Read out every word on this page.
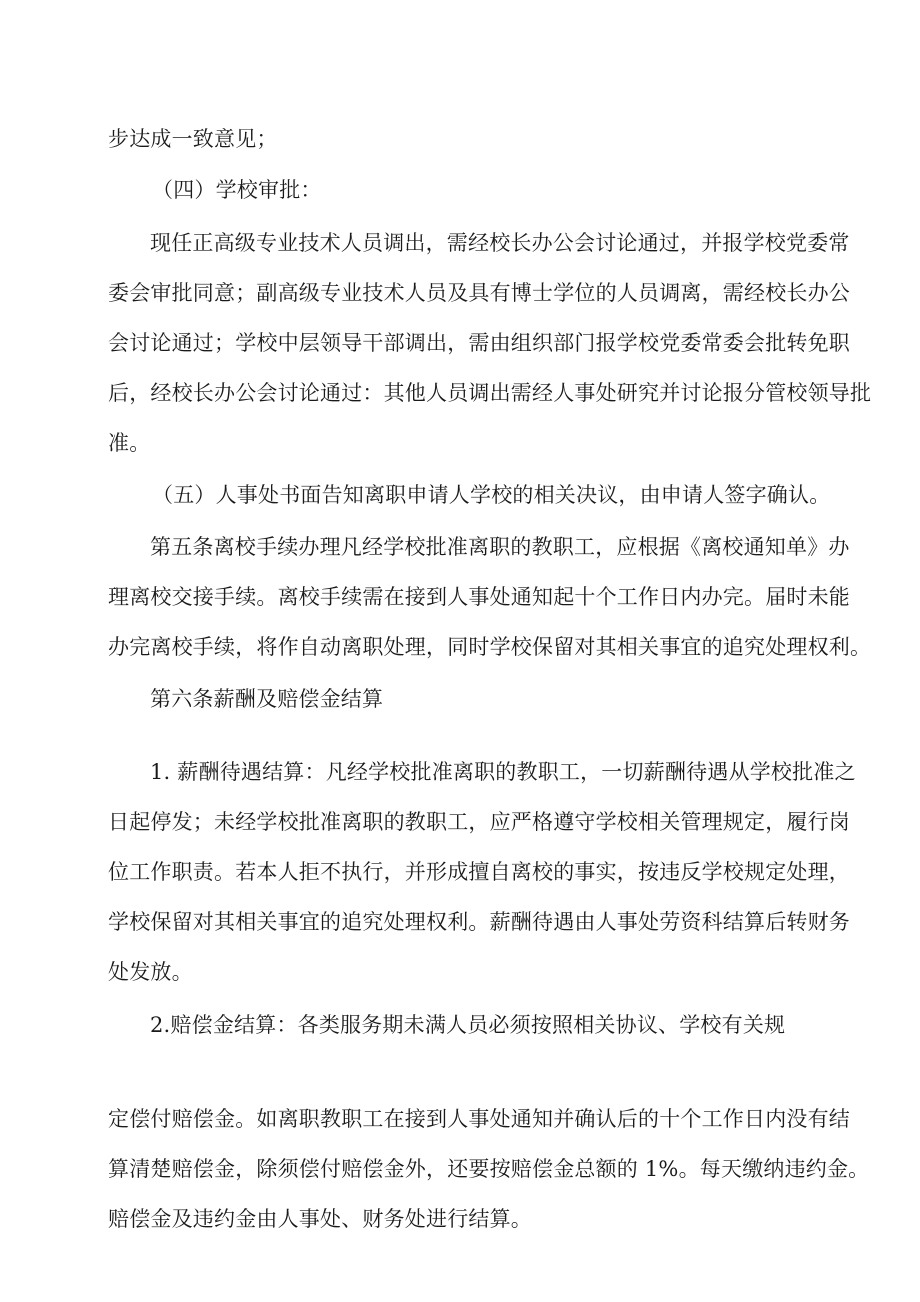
步达成一致意见；
（四）学校审批：
现任正高级专业技术人员调出，需经校长办公会讨论通过，并报学校党委常
委会审批同意；副高级专业技术人员及具有博士学位的人员调离，需经校长办公
会讨论通过；学校中层领导干部调出，需由组织部门报学校党委常委会批转免职
后，经校长办公会讨论通过：其他人员调出需经人事处研究并讨论报分管校领导批
准。
（五）人事处书面告知离职申请人学校的相关决议，由申请人签字确认。
第五条离校手续办理凡经学校批准离职的教职工，应根据《离校通知单》办
理离校交接手续。离校手续需在接到人事处通知起十个工作日内办完。届时未能
办完离校手续，将作自动离职处理，同时学校保留对其相关事宜的追究处理权利。
第六条薪酬及赔偿金结算
1. 薪酬待遇结算：凡经学校批准离职的教职工，一切薪酬待遇从学校批准之
日起停发；未经学校批准离职的教职工，应严格遵守学校相关管理规定，履行岗
位工作职责。若本人拒不执行，并形成擅自离校的事实，按违反学校规定处理，
学校保留对其相关事宜的追究处理权利。薪酬待遇由人事处劳资科结算后转财务
处发放。
2.赔偿金结算：各类服务期未满人员必须按照相关协议、学校有关规
定偿付赔偿金。如离职教职工在接到人事处通知并确认后的十个工作日内没有结
算清楚赔偿金，除须偿付赔偿金外，还要按赔偿金总额的 1%。每天缴纳违约金。
赔偿金及违约金由人事处、财务处进行结算。
